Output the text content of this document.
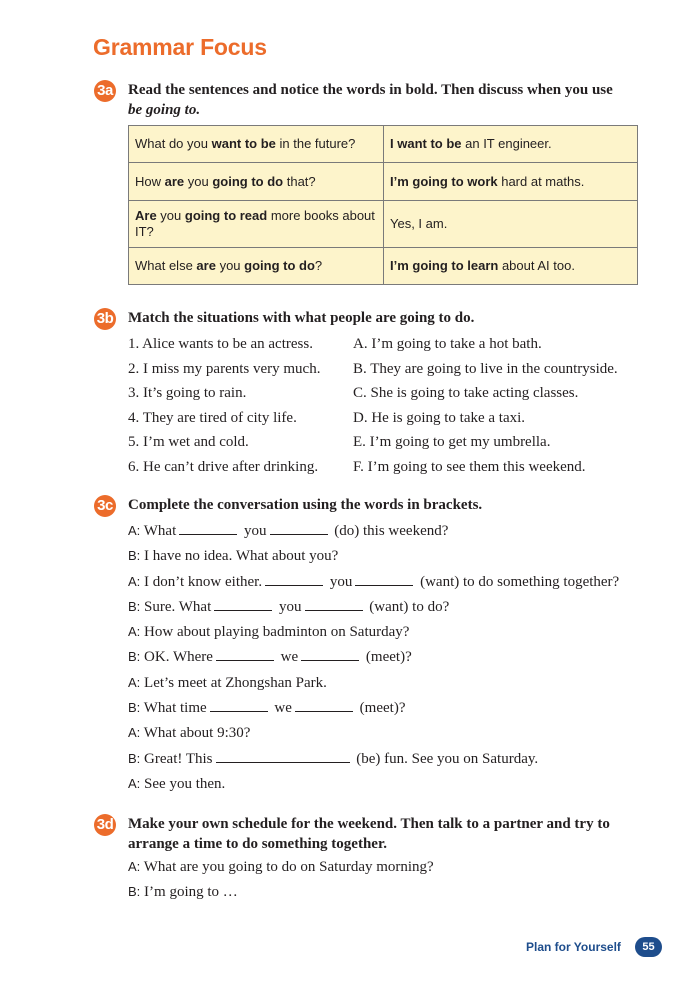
Grammar Focus
3a Read the sentences and notice the words in bold. Then discuss when you use
be going to.

What do you want to be in the future?	I want to be an IT engineer.
How are you going to do that?	I’m going to work hard at maths.
Are you going to read more books about IT?	Yes, I am.
What else are you going to do?	I’m going to learn about AI too.
3b Match the situations with what people are going to do.

1. Alice wants to be an actress.	A. I’m going to take a hot bath.
2. I miss my parents very much. B. They are going to live in the countryside.
3. It’s going to rain.	C. She is going to take acting classes.
4. They are tired of city life.	D. He is going to take a taxi.
5. I’m wet and cold.	E. I’m going to get my umbrella.
6. He can’t drive after drinking. F. I’m going to see them this weekend.
3c Complete the conversation using the words in brackets.

A: What	you	(do) this weekend?
B: I have no idea. What about you?
A: I don’t know either.	you	(want) to do something together?
B: Sure. What	you	(want) to do?
A: How about playing badminton on Saturday?
B: OK. Where	we	(meet)?
A: Let’s meet at Zhongshan Park.
B: What time	we	(meet)?
A: What about 9:30?
B: Great! This	(be) fun. See you on Saturday.
A: See you then.
3d Make your own schedule for the weekend. Then talk to a partner and try to arrange a time to do something together.

A: What are you going to do on Saturday morning?
B: I’m going to …
Plan for Yourself	55
